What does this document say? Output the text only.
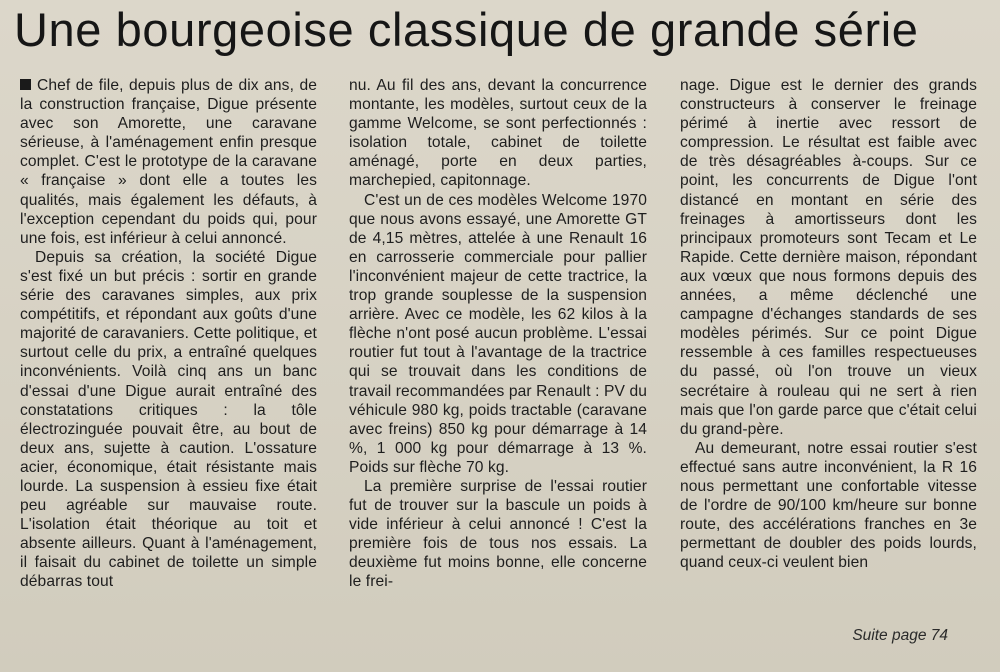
Une bourgeoise classique de grande série

Chef de file, depuis plus de dix ans, de la construction française, Digue présente avec son Amorette, une caravane sérieuse, à l'aménagement enfin presque complet. C'est le prototype de la caravane « française » dont elle a toutes les qualités, mais également les défauts, à l'exception cependant du poids qui, pour une fois, est inférieur à celui annoncé.

Depuis sa création, la société Digue s'est fixé un but précis : sortir en grande série des caravanes simples, aux prix compétitifs, et répondant aux goûts d'une majorité de caravaniers. Cette politique, et surtout celle du prix, a entraîné quelques inconvénients. Voilà cinq ans un banc d'essai d'une Digue aurait entraîné des constatations critiques : la tôle électrozinguée pouvait être, au bout de deux ans, sujette à caution. L'ossature acier, économique, était résistante mais lourde. La suspension à essieu fixe était peu agréable sur mauvaise route. L'isolation était théorique au toit et absente ailleurs. Quant à l'aménagement, il faisait du cabinet de toilette un simple débarras tout

nu. Au fil des ans, devant la concurrence montante, les modèles, surtout ceux de la gamme Welcome, se sont perfectionnés : isolation totale, cabinet de toilette aménagé, porte en deux parties, marchepied, capitonnage.

C'est un de ces modèles Welcome 1970 que nous avons essayé, une Amorette GT de 4,15 mètres, attelée à une Renault 16 en carrosserie commerciale pour pallier l'inconvénient majeur de cette tractrice, la trop grande souplesse de la suspension arrière. Avec ce modèle, les 62 kilos à la flèche n'ont posé aucun problème. L'essai routier fut tout à l'avantage de la tractrice qui se trouvait dans les conditions de travail recommandées par Renault : PV du véhicule 980 kg, poids tractable (caravane avec freins) 850 kg pour démarrage à 14 %, 1 000 kg pour démarrage à 13 %. Poids sur flèche 70 kg.

La première surprise de l'essai routier fut de trouver sur la bascule un poids à vide inférieur à celui annoncé ! C'est la première fois de tous nos essais. La deuxième fut moins bonne, elle concerne le frei-

nage. Digue est le dernier des grands constructeurs à conserver le freinage périmé à inertie avec ressort de compression. Le résultat est faible avec de très désagréables à-coups. Sur ce point, les concurrents de Digue l'ont distancé en montant en série des freinages à amortisseurs dont les principaux promoteurs sont Tecam et Le Rapide. Cette dernière maison, répondant aux vœux que nous formons depuis des années, a même déclenché une campagne d'échanges standards de ses modèles périmés. Sur ce point Digue ressemble à ces familles respectueuses du passé, où l'on trouve un vieux secrétaire à rouleau qui ne sert à rien mais que l'on garde parce que c'était celui du grand-père.

Au demeurant, notre essai routier s'est effectué sans autre inconvénient, la R 16 nous permettant une confortable vitesse de l'ordre de 90/100 km/heure sur bonne route, des accélérations franches en 3e permettant de doubler des poids lourds, quand ceux-ci veulent bien

Suite page 74
